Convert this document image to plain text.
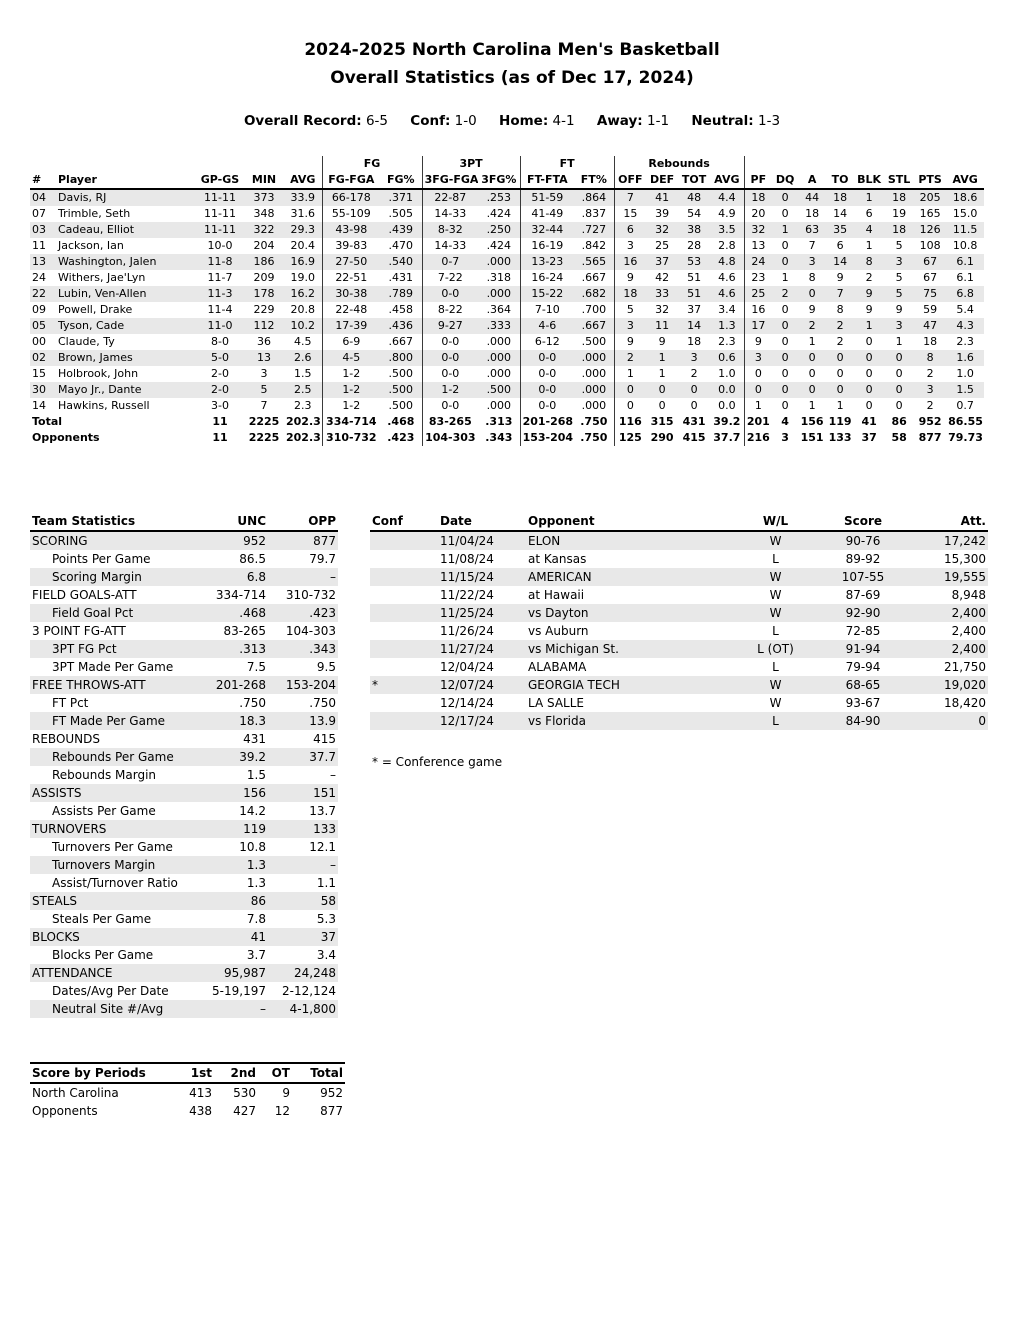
2024-2025 North Carolina Men's Basketball
Overall Statistics (as of Dec 17, 2024)
Overall Record: 6-5 Conf: 1-0 Home: 4-1 Away: 1-1 Neutral: 1-3
					FG		3PT		FT		Rebounds											
#	Player	GP-GS	MIN	AVG	FG-FGA	FG%	3FG-FGA	3FG%	FT-FTA	FT%	OFF	DEF	TOT	AVG	PF	DQ	A	TO	BLK	STL	PTS	AVG
04	Davis, RJ	11-11	373	33.9	66-178	.371	22-87	.253	51-59	.864	7	41	48	4.4	18	0	44	18	1	18	205	18.6
07	Trimble, Seth	11-11	348	31.6	55-109	.505	14-33	.424	41-49	.837	15	39	54	4.9	20	0	18	14	6	19	165	15.0
03	Cadeau, Elliot	11-11	322	29.3	43-98	.439	8-32	.250	32-44	.727	6	32	38	3.5	32	1	63	35	4	18	126	11.5
11	Jackson, Ian	10-0	204	20.4	39-83	.470	14-33	.424	16-19	.842	3	25	28	2.8	13	0	7	6	1	5	108	10.8
13	Washington, Jalen	11-8	186	16.9	27-50	.540	0-7	.000	13-23	.565	16	37	53	4.8	24	0	3	14	8	3	67	6.1
24	Withers, Jae'Lyn	11-7	209	19.0	22-51	.431	7-22	.318	16-24	.667	9	42	51	4.6	23	1	8	9	2	5	67	6.1
22	Lubin, Ven-Allen	11-3	178	16.2	30-38	.789	0-0	.000	15-22	.682	18	33	51	4.6	25	2	0	7	9	5	75	6.8
09	Powell, Drake	11-4	229	20.8	22-48	.458	8-22	.364	7-10	.700	5	32	37	3.4	16	0	9	8	9	9	59	5.4
05	Tyson, Cade	11-0	112	10.2	17-39	.436	9-27	.333	4-6	.667	3	11	14	1.3	17	0	2	2	1	3	47	4.3
00	Claude, Ty	8-0	36	4.5	6-9	.667	0-0	.000	6-12	.500	9	9	18	2.3	9	0	1	2	0	1	18	2.3
02	Brown, James	5-0	13	2.6	4-5	.800	0-0	.000	0-0	.000	2	1	3	0.6	3	0	0	0	0	0	8	1.6
15	Holbrook, John	2-0	3	1.5	1-2	.500	0-0	.000	0-0	.000	1	1	2	1.0	0	0	0	0	0	0	2	1.0
30	Mayo Jr., Dante	2-0	5	2.5	1-2	.500	1-2	.500	0-0	.000	0	0	0	0.0	0	0	0	0	0	0	3	1.5
14	Hawkins, Russell	3-0	7	2.3	1-2	.500	0-0	.000	0-0	.000	0	0	0	0.0	1	0	1	1	0	0	2	0.7
Total		11	2225	202.3	334-714	.468	83-265	.313	201-268	.750	116	315	431	39.2	201	4	156	119	41	86	952	86.55
Opponents		11	2225	202.3	310-732	.423	104-303	.343	153-204	.750	125	290	415	37.7	216	3	151	133	37	58	877	79.73
Team Statistics	UNC	OPP
SCORING	952	877
Points Per Game	86.5	79.7
Scoring Margin	6.8	–
FIELD GOALS-ATT	334-714	310-732
Field Goal Pct	.468	.423
3 POINT FG-ATT	83-265	104-303
3PT FG Pct	.313	.343
3PT Made Per Game	7.5	9.5
FREE THROWS-ATT	201-268	153-204
FT Pct	.750	.750
FT Made Per Game	18.3	13.9
REBOUNDS	431	415
Rebounds Per Game	39.2	37.7
Rebounds Margin	1.5	–
ASSISTS	156	151
Assists Per Game	14.2	13.7
TURNOVERS	119	133
Turnovers Per Game	10.8	12.1
Turnovers Margin	1.3	–
Assist/Turnover Ratio	1.3	1.1
STEALS	86	58
Steals Per Game	7.8	5.3
BLOCKS	41	37
Blocks Per Game	3.7	3.4
ATTENDANCE	95,987	24,248
Dates/Avg Per Date	5-19,197	2-12,124
Neutral Site #/Avg	–	4-1,800
Conf	Date	Opponent	W/L	Score	Att.
	11/04/24	ELON	W	90-76	17,242
	11/08/24	at Kansas	L	89-92	15,300
	11/15/24	AMERICAN	W	107-55	19,555
	11/22/24	at Hawaii	W	87-69	8,948
	11/25/24	vs Dayton	W	92-90	2,400
	11/26/24	vs Auburn	L	72-85	2,400
	11/27/24	vs Michigan St.	L (OT)	91-94	2,400
	12/04/24	ALABAMA	L	79-94	21,750
*	12/07/24	GEORGIA TECH	W	68-65	19,020
	12/14/24	LA SALLE	W	93-67	18,420
	12/17/24	vs Florida	L	84-90	0
* = Conference game
Score by Periods	1st	2nd	OT	Total
North Carolina	413	530	9	952
Opponents	438	427	12	877
